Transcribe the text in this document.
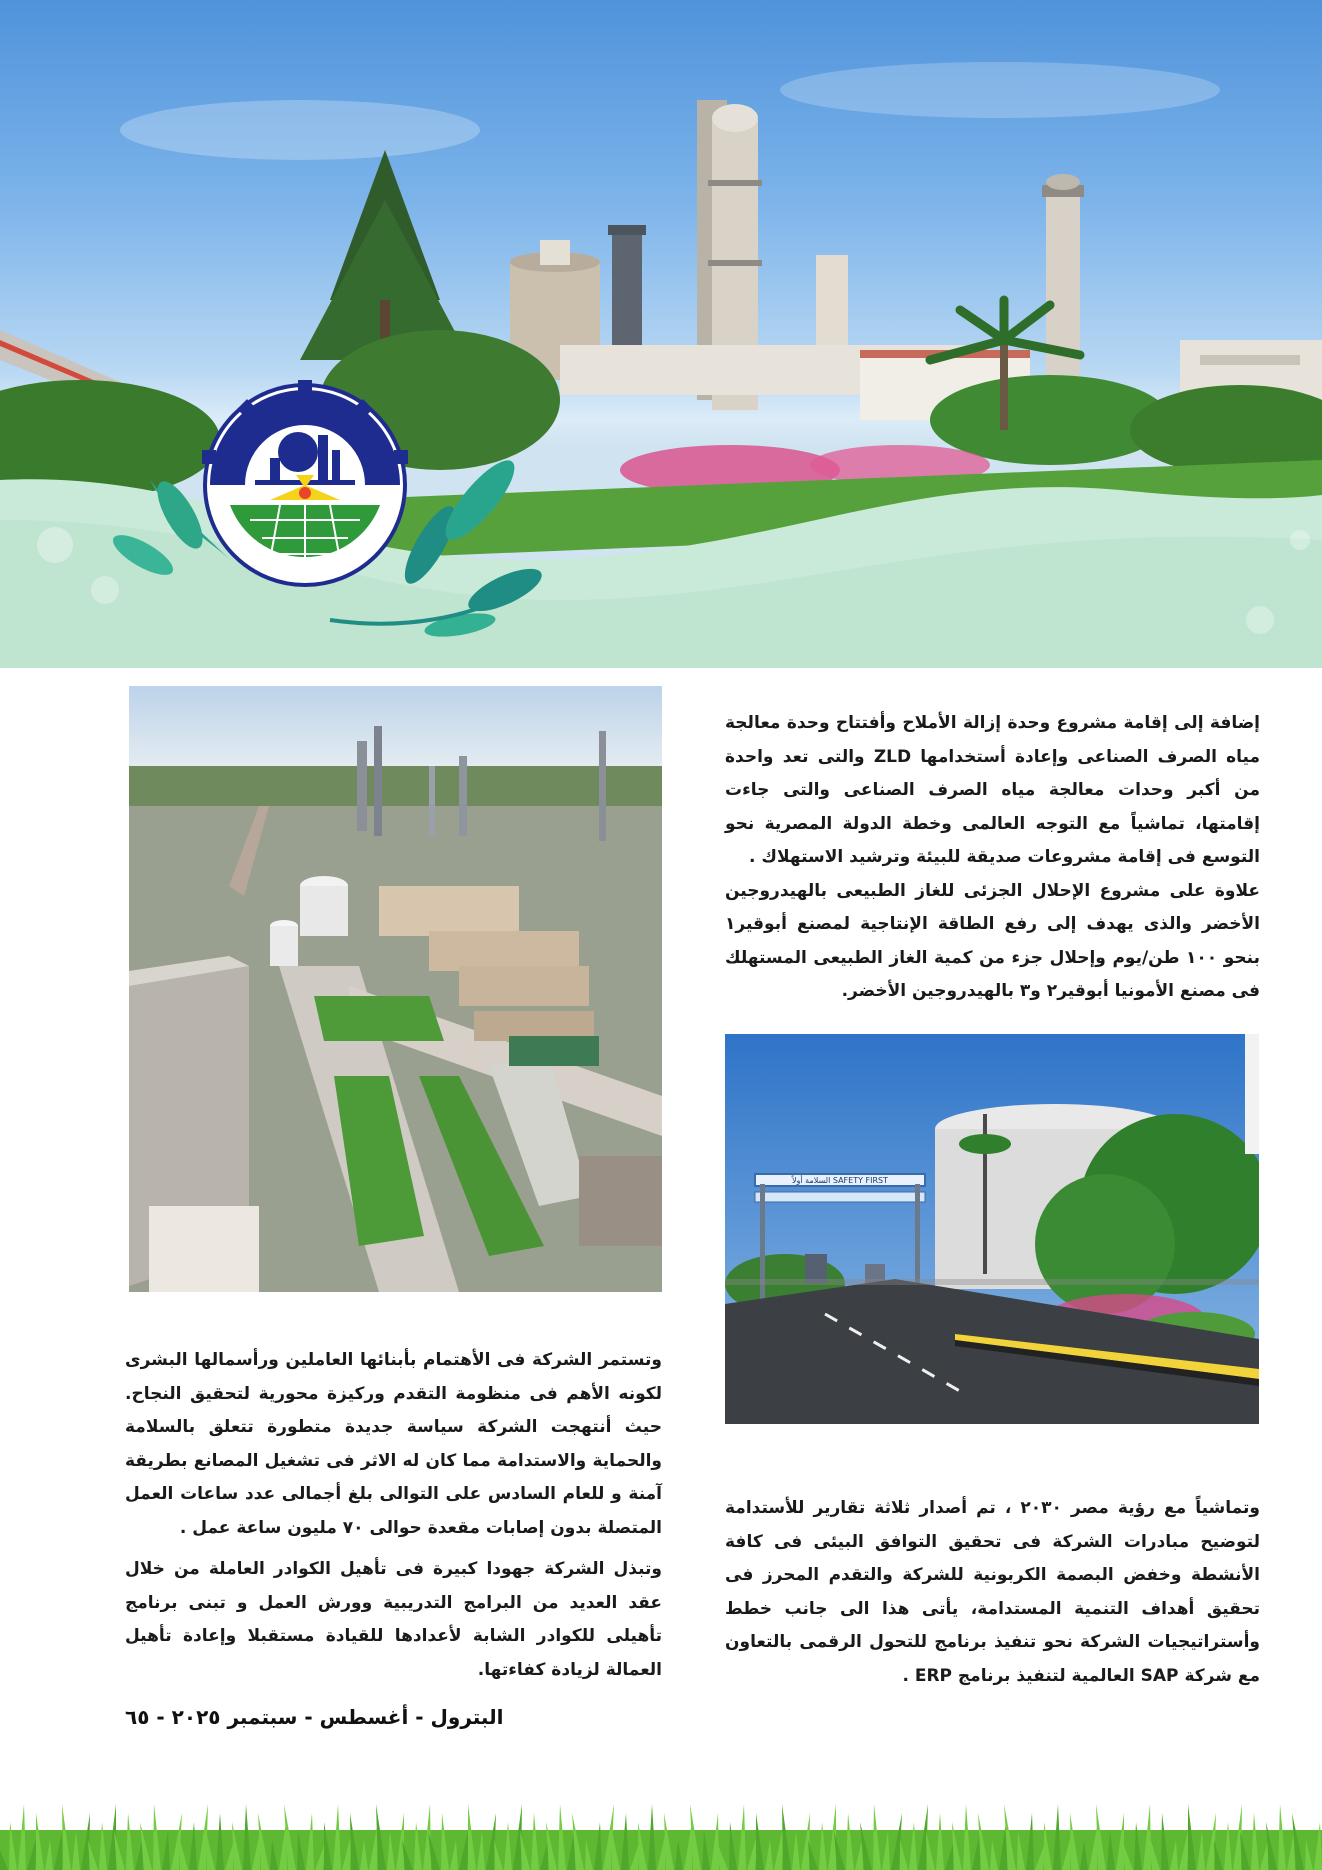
إضافة إلى إقامة مشروع وحدة إزالة الأملاح وأفتتاح وحدة معالجة مياه الصرف الصناعى وإعادة أستخدامها ZLD والتى تعد واحدة من أكبر وحدات معالجة مياه الصرف الصناعى والتى جاءت إقامتها، تماشياً مع التوجه العالمى وخطة الدولة المصرية نحو التوسع فى إقامة مشروعات صديقة للبيئة وترشيد الاستهلاك .

علاوة على مشروع الإحلال الجزئى للغاز الطبيعى بالهيدروجين الأخضر والذى يهدف إلى رفع الطاقة الإنتاجية لمصنع أبوقير١ بنحو ١٠٠ طن/يوم وإحلال جزء من كمية الغاز الطبيعى المستهلك فى مصنع الأمونيا أبوقير٢ و٣ بالهيدروجين الأخضر.

السلامة أولاً SAFETY FIRST

وتماشياً مع رؤية مصر ٢٠٣٠ ، تم أصدار ثلاثة تقارير للأستدامة لتوضيح مبادرات الشركة فى تحقيق التوافق البيئى فى كافة الأنشطة وخفض البصمة الكربونية للشركة والتقدم المحرز فى تحقيق أهداف التنمية المستدامة، يأتى هذا الى جانب خطط وأستراتيجيات الشركة نحو تنفيذ برنامج للتحول الرقمى بالتعاون مع شركة SAP العالمية لتنفيذ برنامج ERP .

وتستمر الشركة فى الأهتمام بأبنائها العاملين ورأسمالها البشرى لكونه الأهم فى منظومة التقدم وركيزة محورية لتحقيق النجاح. حيث أنتهجت الشركة سياسة جديدة متطورة تتعلق بالسلامة والحماية والاستدامة مما كان له الاثر فى تشغيل المصانع بطريقة آمنة و للعام السادس على التوالى بلغ أجمالى عدد ساعات العمل المتصلة بدون إصابات مقعدة حوالى ٧٠ مليون ساعة عمل .

وتبذل الشركة جهودا كبيرة فى تأهيل الكوادر العاملة من خلال عقد العديد من البرامج التدريبية وورش العمل و تبنى برنامج تأهيلى للكوادر الشابة لأعدادها للقيادة مستقبلا وإعادة تأهيل العمالة لزيادة كفاءتها.

البترول - أغسطس - سبتمبر ٢٠٢٥ - ٦٥
